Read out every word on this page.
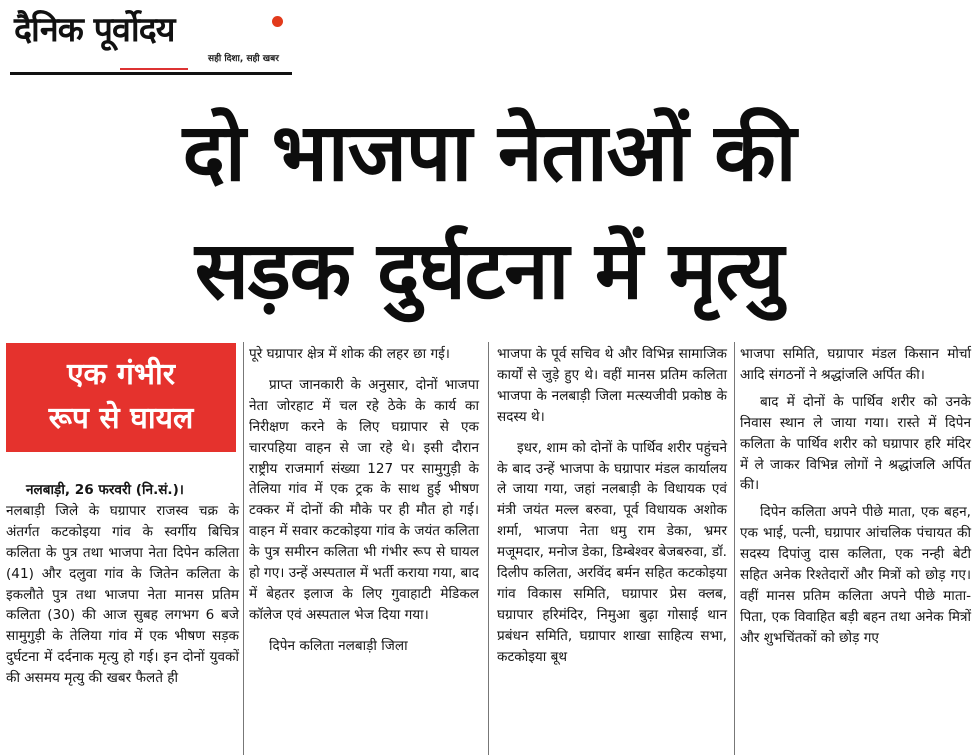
दैनिक पूर्वोदय
सही दिशा, सही खबर
दो भाजपा नेताओं की
सड़क दुर्घटना में मृत्यु
एक गंभीर
रूप से घायल

नलबाड़ी, 26 फरवरी (नि.सं.)।

नलबाड़ी जिले के घग्रापार राजस्व चक्र के अंतर्गत कटकोइया गांव के स्वर्गीय बिचित्र कलिता के पुत्र तथा भाजपा नेता दिपेन कलिता (41) और दलुवा गांव के जितेन कलिता के इकलौते पुत्र तथा भाजपा नेता मानस प्रतिम कलिता (30) की आज सुबह लगभग 6 बजे सामुगुड़ी के तेलिया गांव में एक भीषण सड़क दुर्घटना में दर्दनाक मृत्यु हो गई। इन दोनों युवकों की असमय मृत्यु की खबर फैलते ही

पूरे घग्रापार क्षेत्र में शोक की लहर छा गई।

प्राप्त जानकारी के अनुसार, दोनों भाजपा नेता जोरहाट में चल रहे ठेके के कार्य का निरीक्षण करने के लिए घग्रापार से एक चारपहिया वाहन से जा रहे थे। इसी दौरान राष्ट्रीय राजमार्ग संख्या 127 पर सामुगुड़ी के तेलिया गांव में एक ट्रक के साथ हुई भीषण टक्कर में दोनों की मौके पर ही मौत हो गई। वाहन में सवार कटकोइया गांव के जयंत कलिता के पुत्र समीरन कलिता भी गंभीर रूप से घायल हो गए। उन्हें अस्पताल में भर्ती कराया गया, बाद में बेहतर इलाज के लिए गुवाहाटी मेडिकल कॉलेज एवं अस्पताल भेज दिया गया।

दिपेन कलिता नलबाड़ी जिला

भाजपा के पूर्व सचिव थे और विभिन्न सामाजिक कार्यों से जुड़े हुए थे। वहीं मानस प्रतिम कलिता भाजपा के नलबाड़ी जिला मत्स्यजीवी प्रकोष्ठ के सदस्य थे।

इधर, शाम को दोनों के पार्थिव शरीर पहुंचने के बाद उन्हें भाजपा के घग्रापार मंडल कार्यालय ले जाया गया, जहां नलबाड़ी के विधायक एवं मंत्री जयंत मल्ल बरुवा, पूर्व विधायक अशोक शर्मा, भाजपा नेता धमु राम डेका, भ्रमर मजूमदार, मनोज डेका, डिम्बेश्वर बेजबरुवा, डॉ. दिलीप कलिता, अरविंद बर्मन सहित कटकोइया गांव विकास समिति, घग्रापार प्रेस क्लब, घग्रापार हरिमंदिर, निमुआ बुढ़ा गोसाई थान प्रबंधन समिति, घग्रापार शाखा साहित्य सभा, कटकोइया बूथ

भाजपा समिति, घग्रापार मंडल किसान मोर्चा आदि संगठनों ने श्रद्धांजलि अर्पित की।

बाद में दोनों के पार्थिव शरीर को उनके निवास स्थान ले जाया गया। रास्ते में दिपेन कलिता के पार्थिव शरीर को घग्रापार हरि मंदिर में ले जाकर विभिन्न लोगों ने श्रद्धांजलि अर्पित की।

दिपेन कलिता अपने पीछे माता, एक बहन, एक भाई, पत्नी, घग्रापार आंचलिक पंचायत की सदस्य दिपांजु दास कलिता, एक नन्ही बेटी सहित अनेक रिश्तेदारों और मित्रों को छोड़ गए। वहीं मानस प्रतिम कलिता अपने पीछे माता-पिता, एक विवाहित बड़ी बहन तथा अनेक मित्रों और शुभचिंतकों को छोड़ गए
